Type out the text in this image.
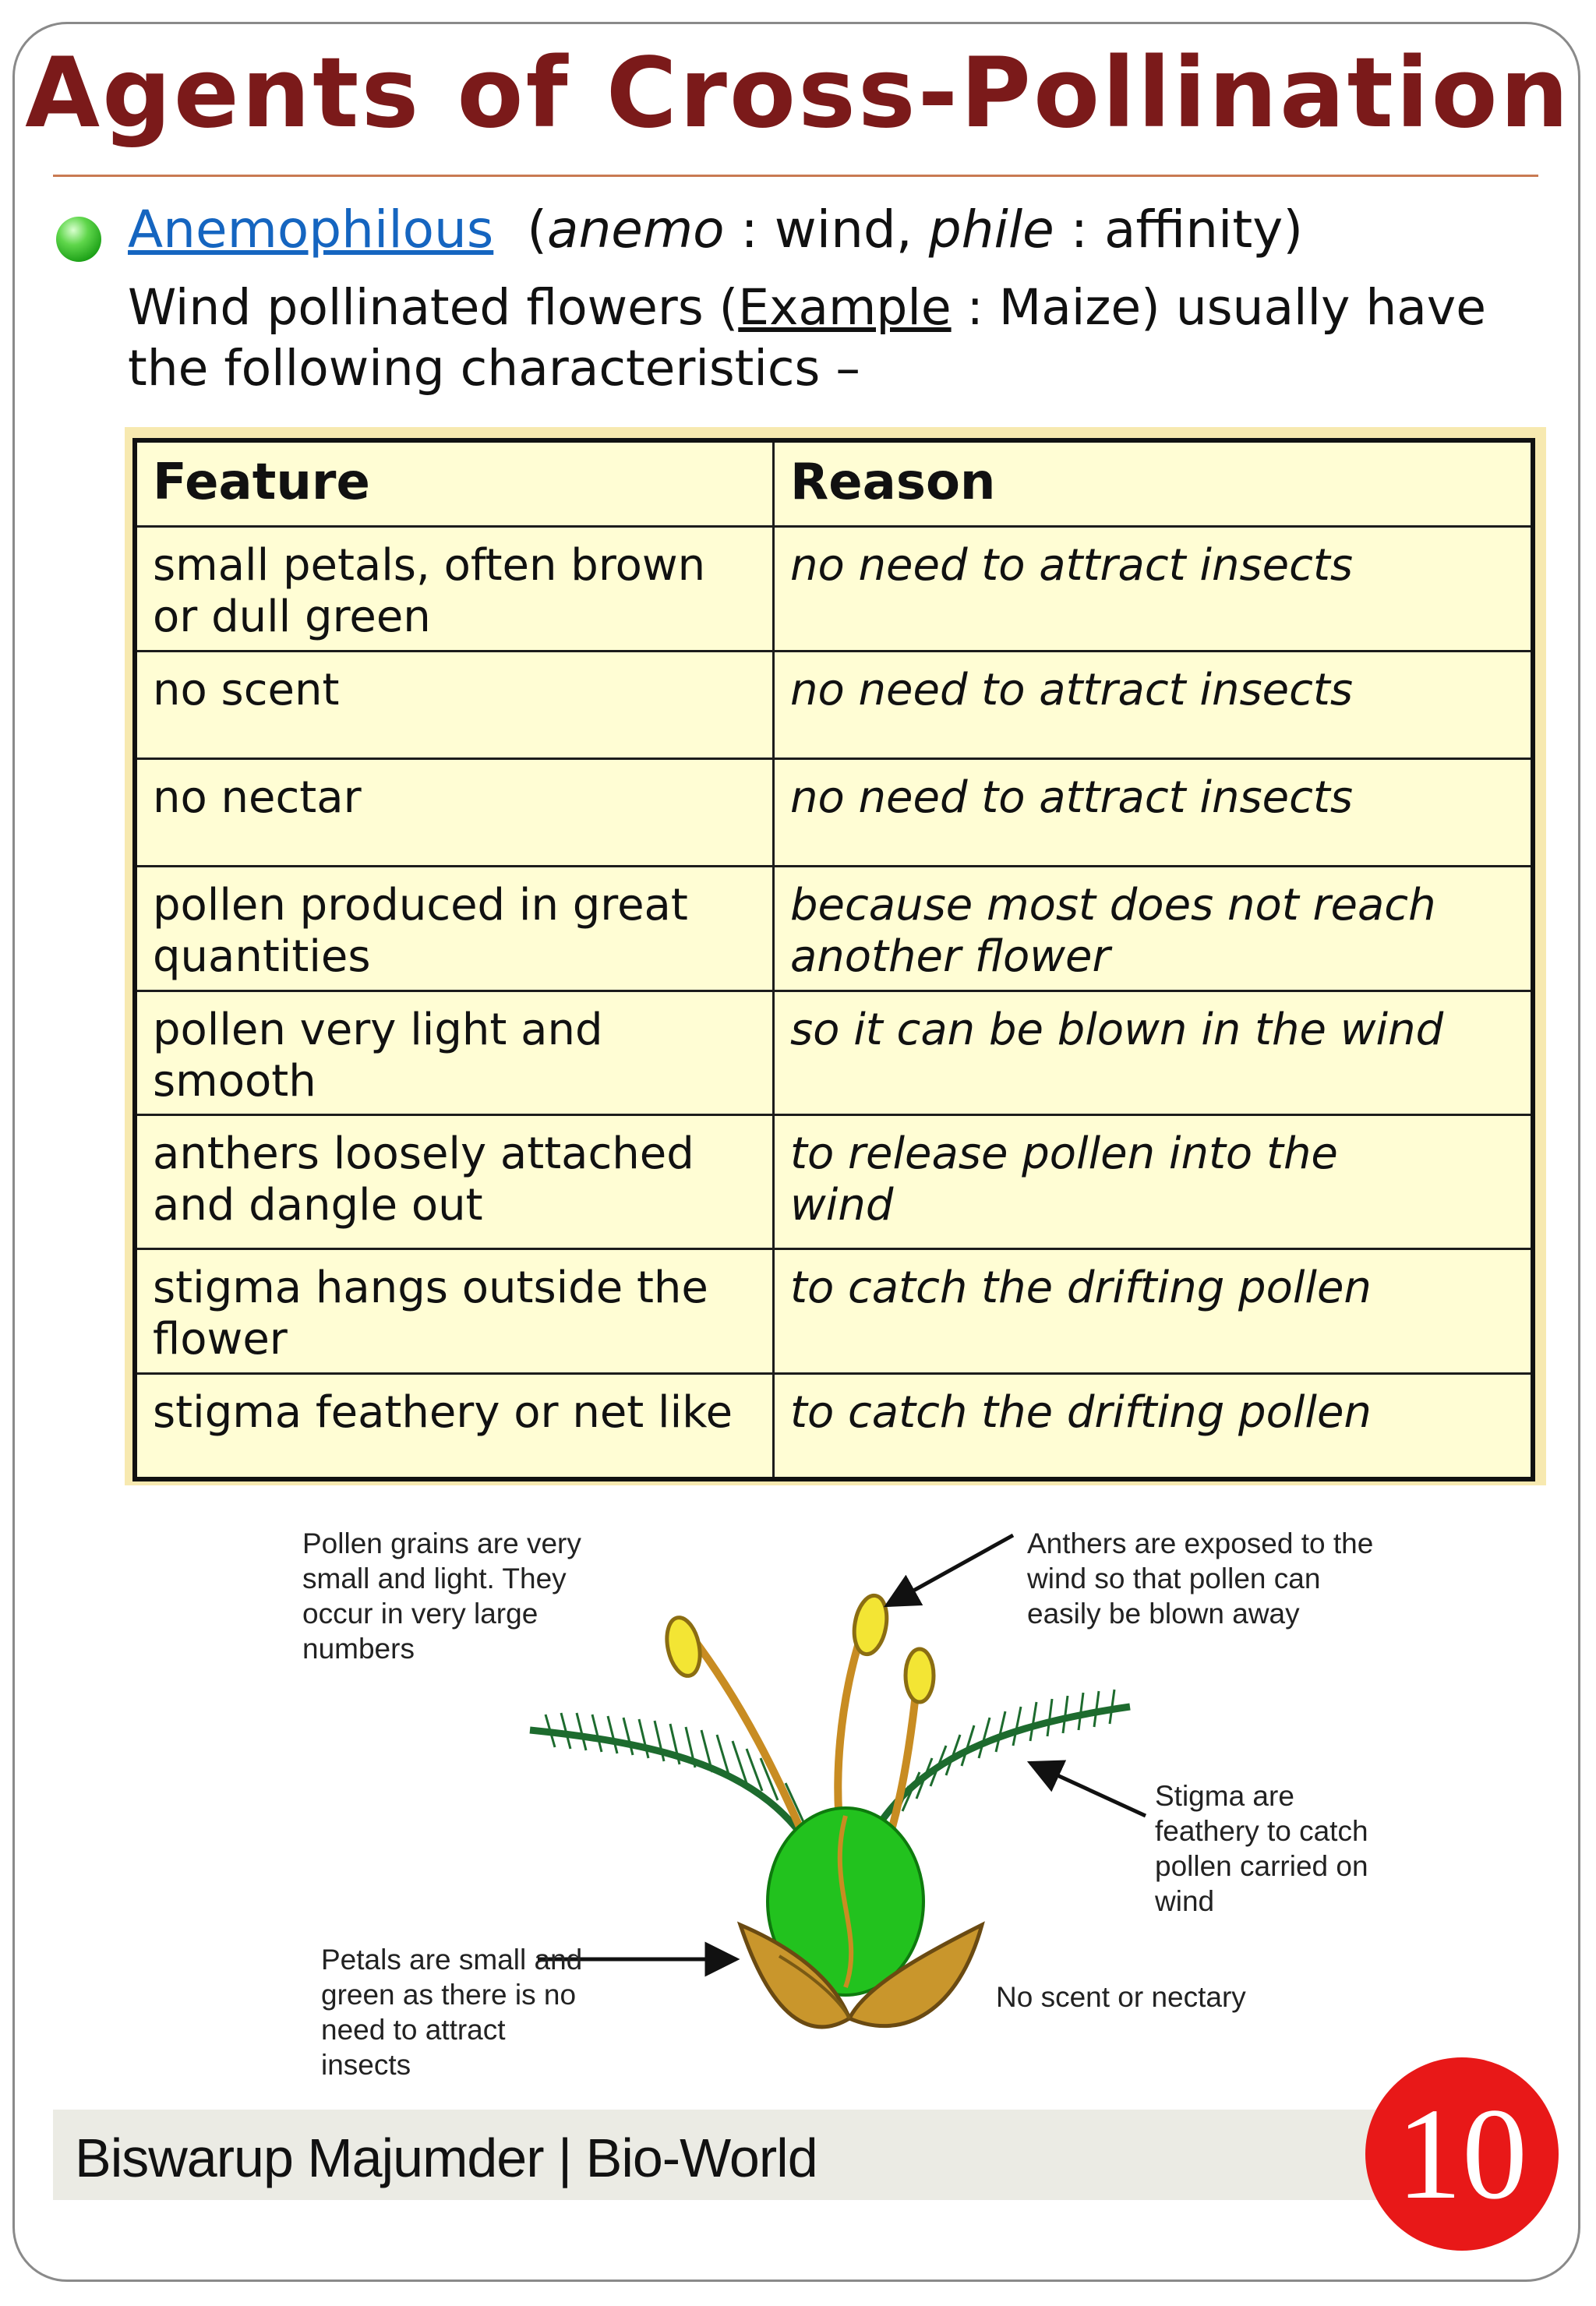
Agents of Cross-Pollination
Anemophilous (anemo : wind, phile : affinity)
Wind pollinated flowers (Example : Maize) usually have the following characteristics –
Feature	Reason
small petals, often brown or dull green	no need to attract insects
no scent	no need to attract insects
no nectar	no need to attract insects
pollen produced in great quantities	because most does not reach another flower
pollen very light and smooth	so it can be blown in the wind
anthers loosely attached and dangle out	to release pollen into the wind
stigma hangs outside the flower	to catch the drifting pollen
stigma feathery or net like	to catch the drifting pollen
Pollen grains are very
small and light. They
occur in very large
numbers
Anthers are exposed to the
wind so that pollen can
easily be blown away
Stigma are
feathery to catch
pollen carried on
wind
Petals are small and
green as there is no
need to attract
insects
No scent or nectary
Biswarup Majumder | Bio-World	10
